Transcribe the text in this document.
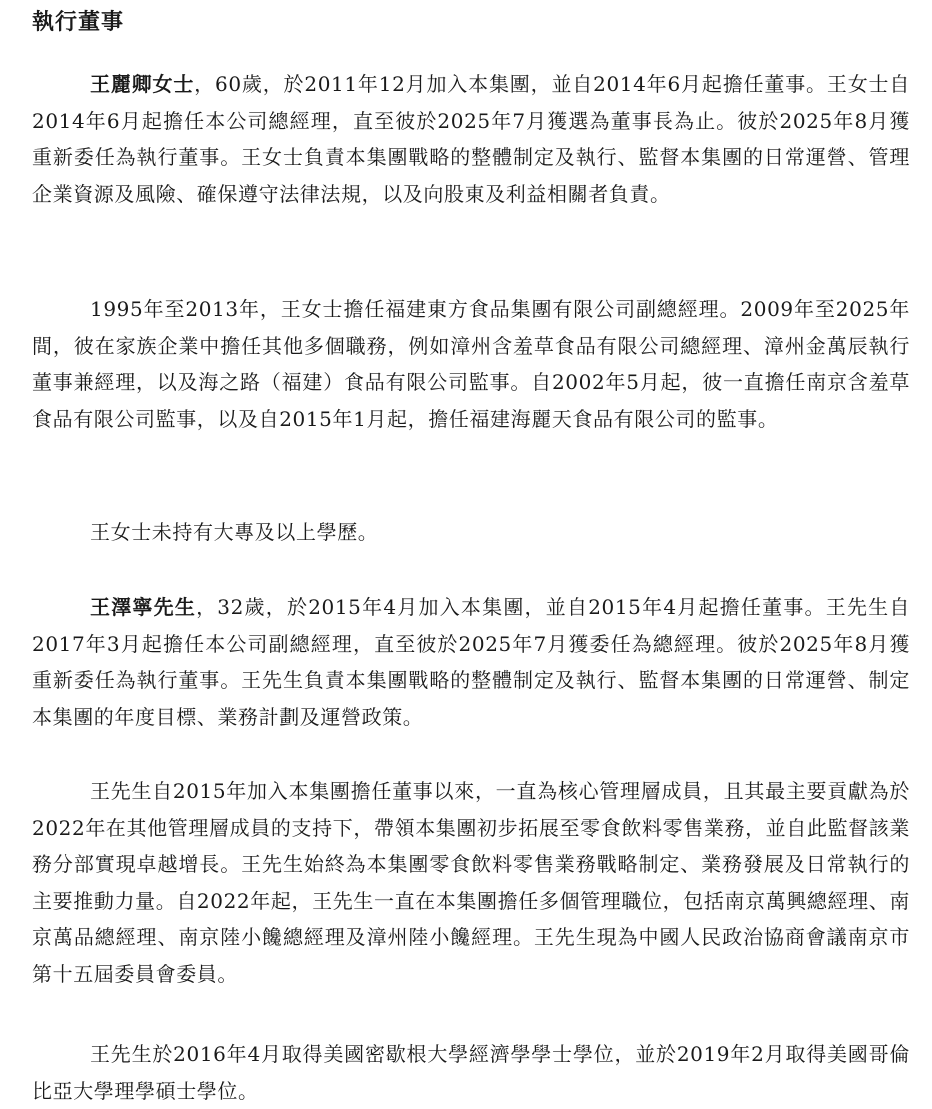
執行董事

王麗卿女士，60歲，於2011年12月加入本集團，並自2014年6月起擔任董事。王女士自2014年6月起擔任本公司總經理，直至彼於2025年7月獲選為董事長為止。彼於2025年8月獲重新委任為執行董事。王女士負責本集團戰略的整體制定及執行、監督本集團的日常運營、管理企業資源及風險、確保遵守法律法規，以及向股東及利益相關者負責。

1995年至2013年，王女士擔任福建東方食品集團有限公司副總經理。2009年至2025年間，彼在家族企業中擔任其他多個職務，例如漳州含羞草食品有限公司總經理、漳州金萬辰執行董事兼經理，以及海之路（福建）食品有限公司監事。自2002年5月起，彼一直擔任南京含羞草食品有限公司監事，以及自2015年1月起，擔任福建海麗天食品有限公司的監事。

王女士未持有大專及以上學歷。

王澤寧先生，32歲，於2015年4月加入本集團，並自2015年4月起擔任董事。王先生自2017年3月起擔任本公司副總經理，直至彼於2025年7月獲委任為總經理。彼於2025年8月獲重新委任為執行董事。王先生負責本集團戰略的整體制定及執行、監督本集團的日常運營、制定本集團的年度目標、業務計劃及運營政策。

王先生自2015年加入本集團擔任董事以來，一直為核心管理層成員，且其最主要貢獻為於2022年在其他管理層成員的支持下，帶領本集團初步拓展至零食飲料零售業務，並自此監督該業務分部實現卓越增長。王先生始終為本集團零食飲料零售業務戰略制定、業務發展及日常執行的主要推動力量。自2022年起，王先生一直在本集團擔任多個管理職位，包括南京萬興總經理、南京萬品總經理、南京陸小饞總經理及漳州陸小饞經理。王先生現為中國人民政治協商會議南京市第十五屆委員會委員。

王先生於2016年4月取得美國密歇根大學經濟學學士學位，並於2019年2月取得美國哥倫比亞大學理學碩士學位。
